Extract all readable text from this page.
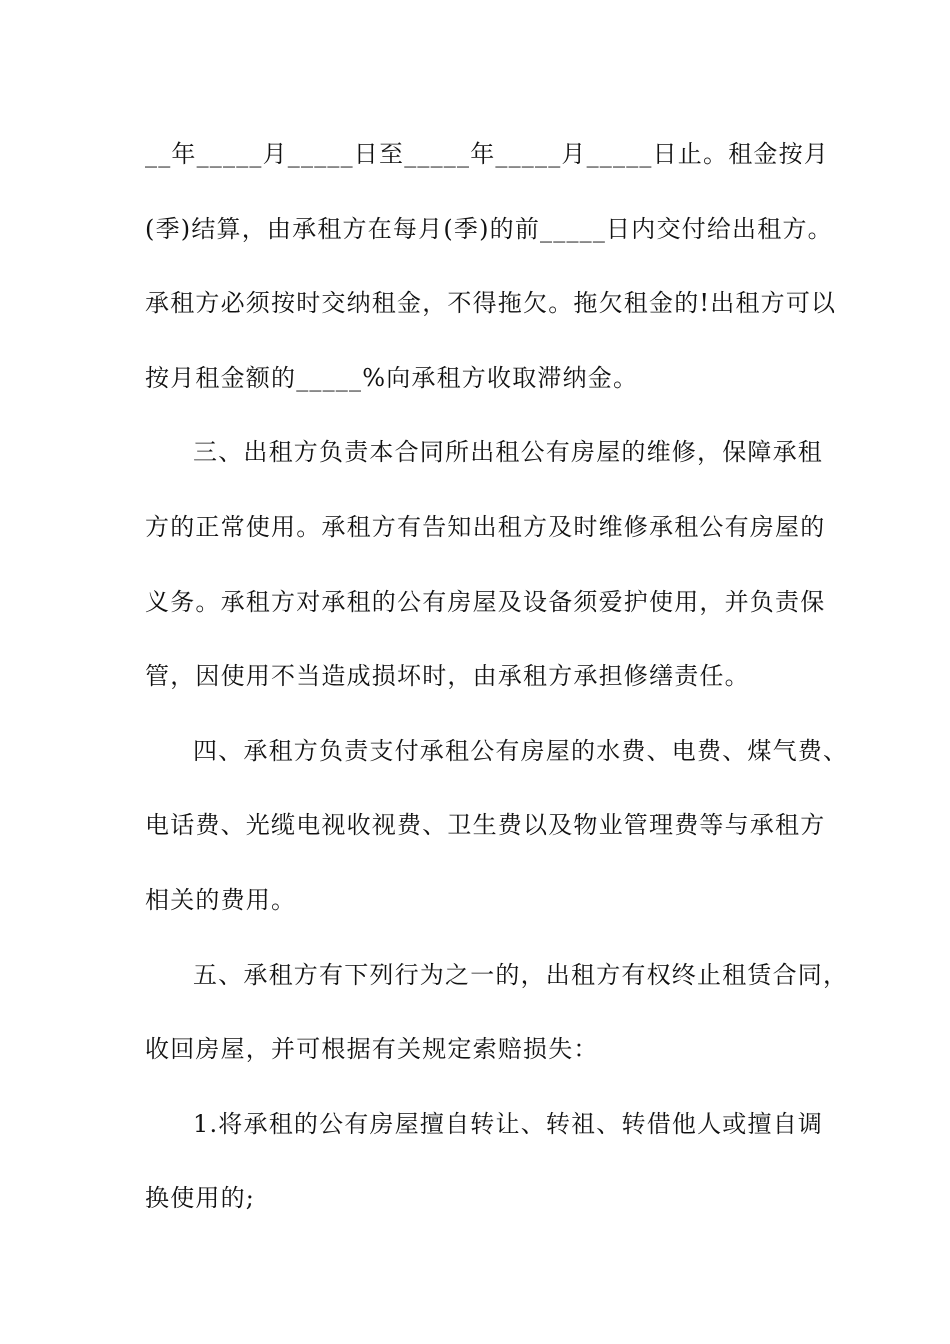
__年_____月_____日至_____年_____月_____日止。租金按月
(季)结算，由承租方在每月(季)的前_____日内交付给出租方。
承租方必须按时交纳租金，不得拖欠。拖欠租金的!出租方可以
按月租金额的_____%向承租方收取滞纳金。
三、出租方负责本合同所出租公有房屋的维修，保障承租
方的正常使用。承租方有告知出租方及时维修承租公有房屋的
义务。承租方对承租的公有房屋及设备须爱护使用，并负责保
管，因使用不当造成损坏时，由承租方承担修缮责任。
四、承租方负责支付承租公有房屋的水费、电费、煤气费、
电话费、光缆电视收视费、卫生费以及物业管理费等与承租方
相关的费用。
五、承租方有下列行为之一的，出租方有权终止租赁合同，
收回房屋，并可根据有关规定索赔损失：
1.将承租的公有房屋擅自转让、转祖、转借他人或擅自调
换使用的;
